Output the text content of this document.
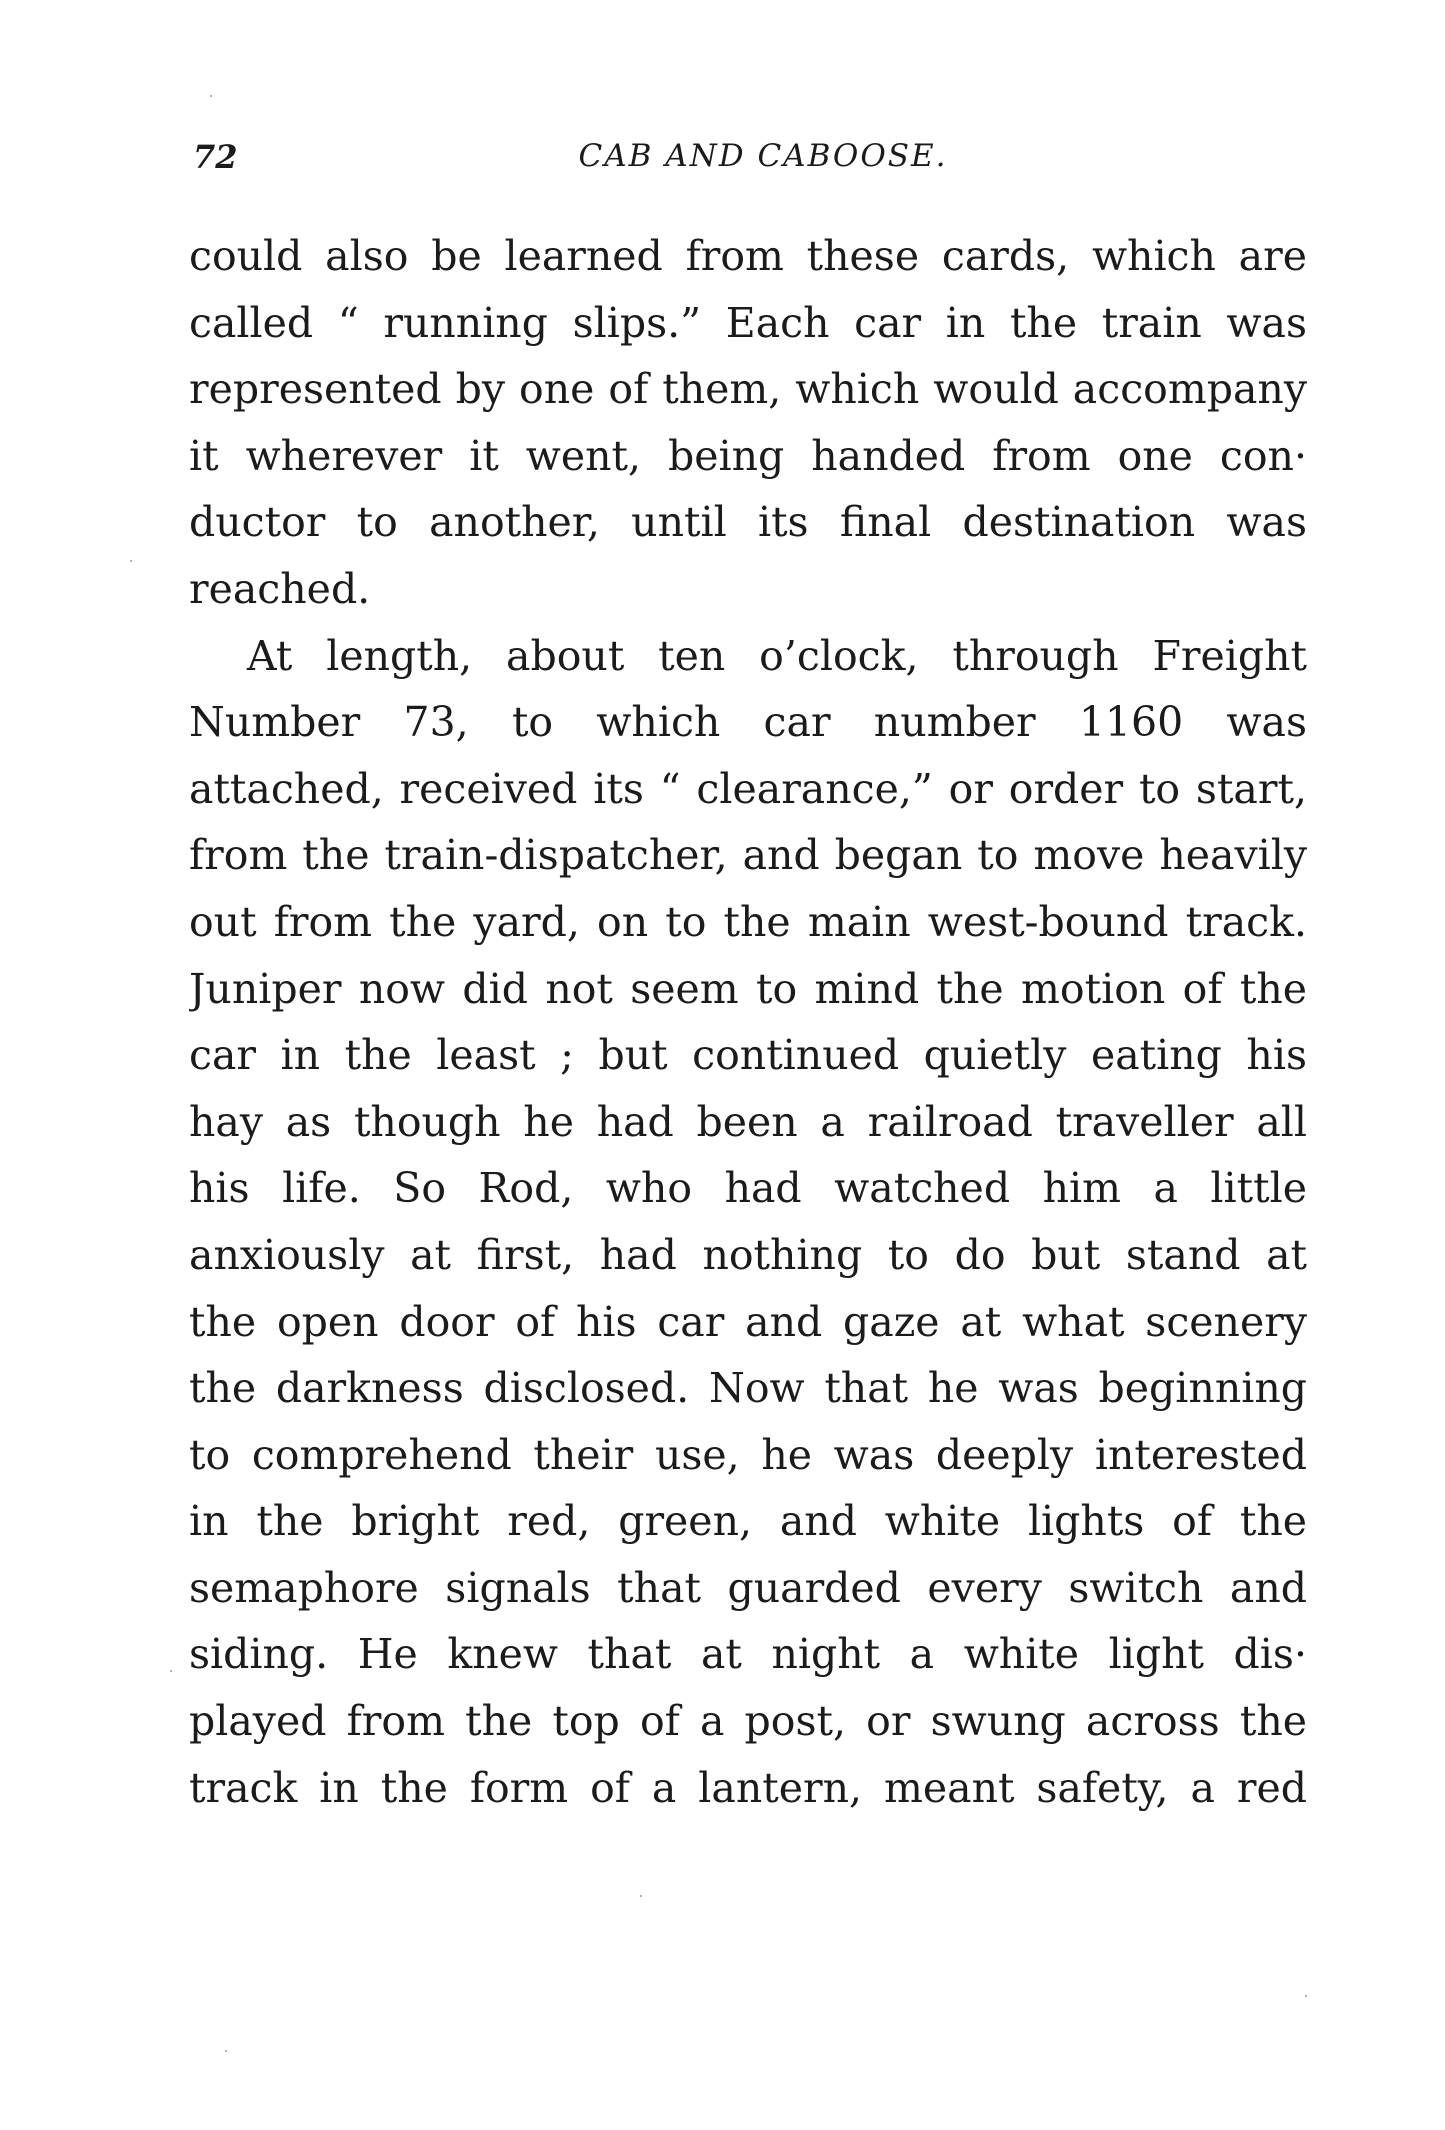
72	CAB AND CABOOSE.
could also be learned from these cards, which are
called “ running slips.” Each car in the train was
represented by one of them, which would accompany
it wherever it went, being handed from one con·
ductor to another, until its final destination was
reached.
At length, about ten o’clock, through Freight
Number 73, to which car number 1160 was
attached, received its “ clearance,” or order to start,
from the train-dispatcher, and began to move heavily
out from the yard, on to the main west-bound track.
Juniper now did not seem to mind the motion of the
car in the least ; but continued quietly eating his
hay as though he had been a railroad traveller all
his life. So Rod, who had watched him a little
anxiously at first, had nothing to do but stand at
the open door of his car and gaze at what scenery
the darkness disclosed. Now that he was beginning
to comprehend their use, he was deeply interested
in the bright red, green, and white lights of the
semaphore signals that guarded every switch and
siding. He knew that at night a white light dis·
played from the top of a post, or swung across the
track in the form of a lantern, meant safety, a red
